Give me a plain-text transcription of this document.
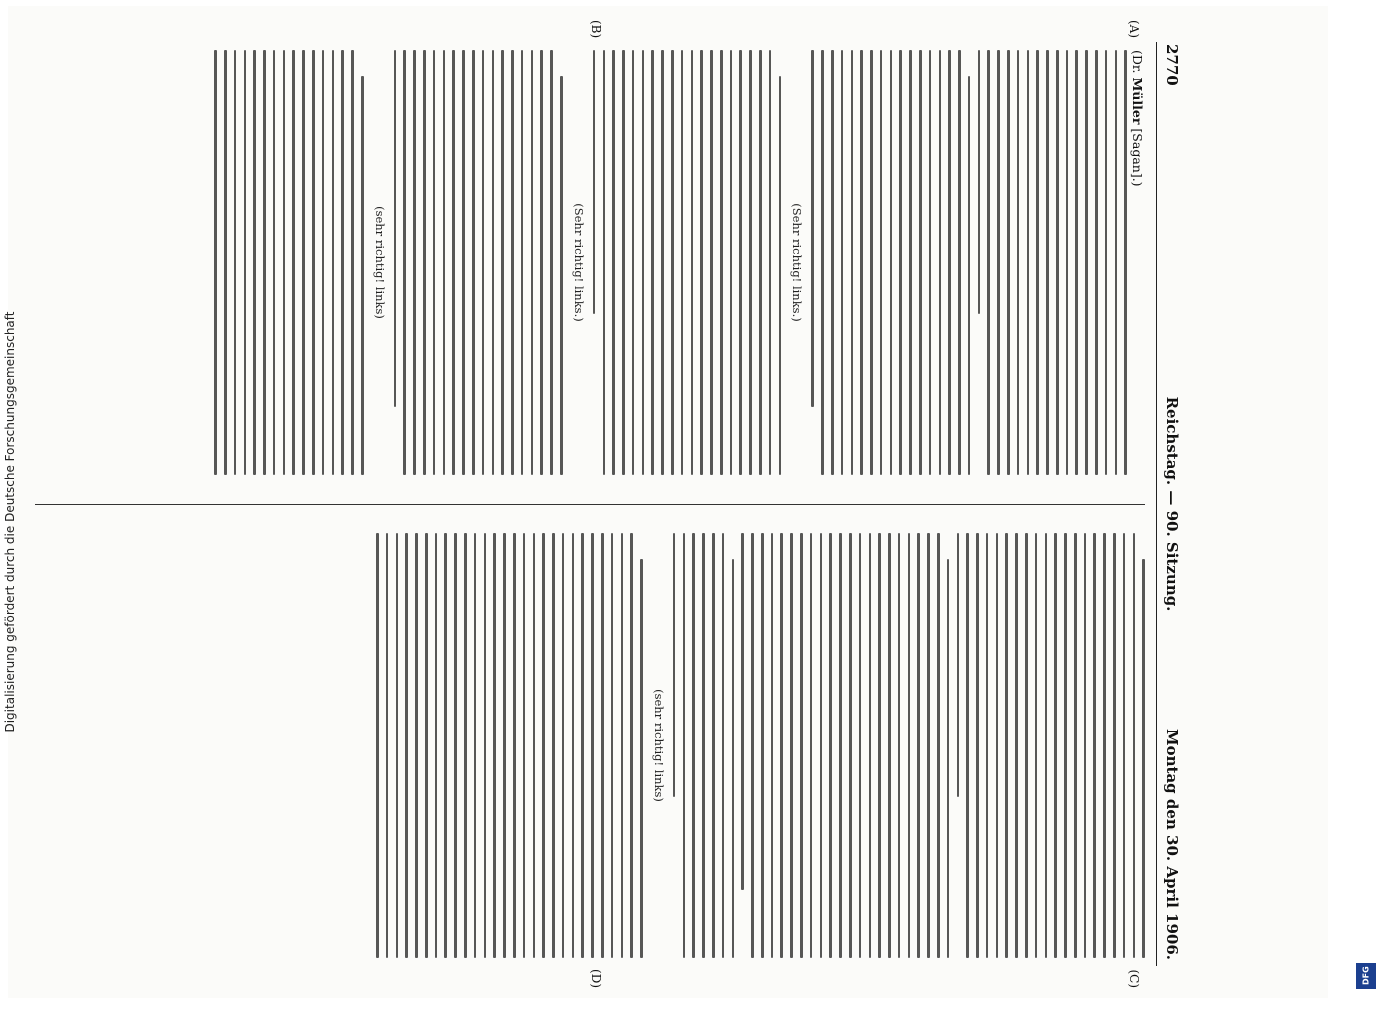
2770
Reichstag. — 90. Sitzung.
Montag den 30. April 1906.
(A)
(B)
(C)
(D)
(Dr. Müller [Sagan].)
(Sehr richtig! links.)
(Sehr richtig! links.)
(sehr richtig! links)
(sehr richtig! links)
Digitalisierung gefördert durch die Deutsche Forschungsgemeinschaft
DFG
